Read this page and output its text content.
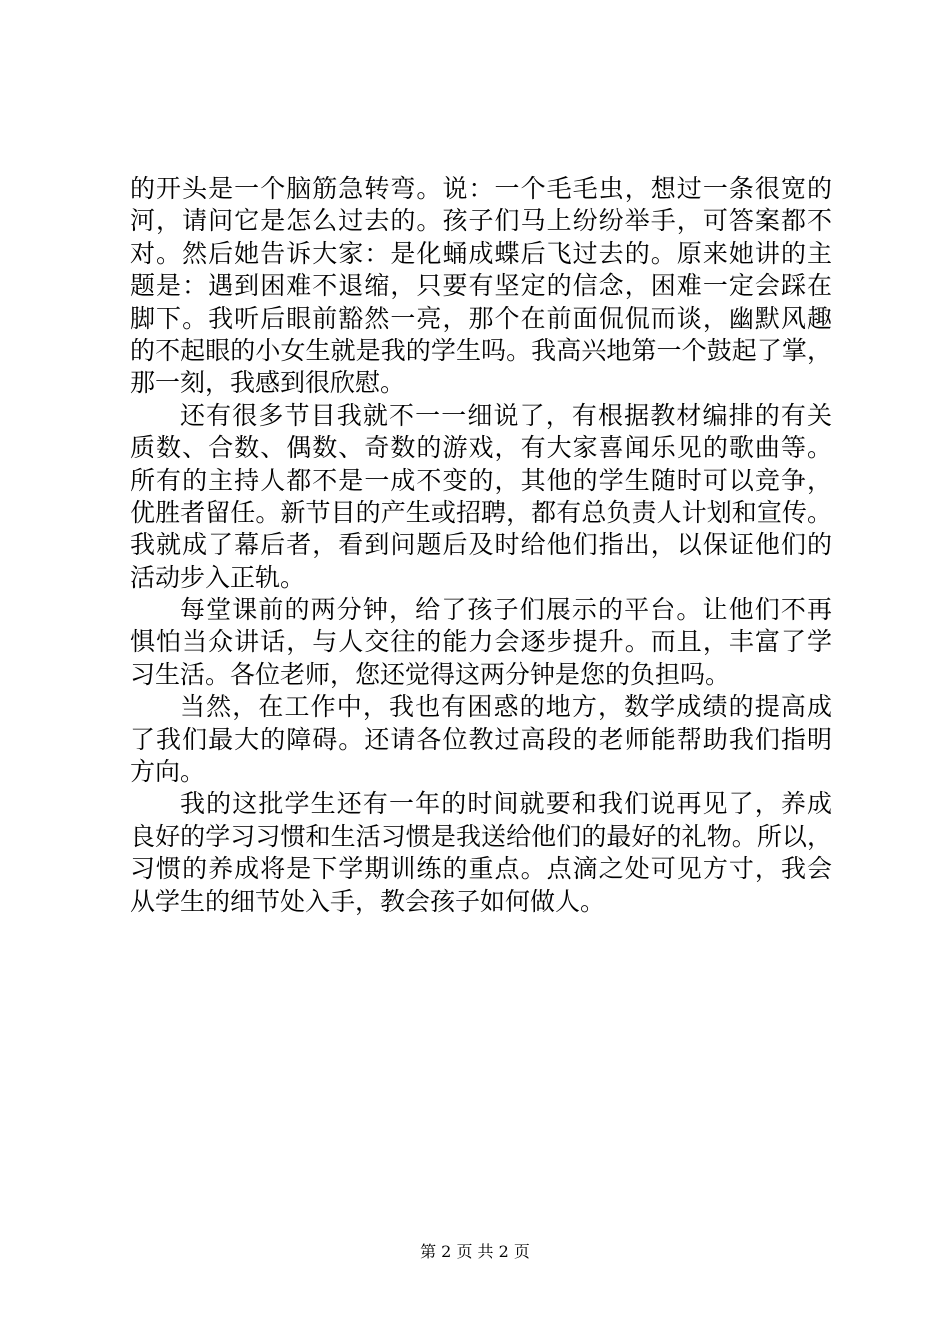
的开头是一个脑筋急转弯。说：一个毛毛虫，想过一条很宽的
河，请问它是怎么过去的。孩子们马上纷纷举手，可答案都不
对。然后她告诉大家：是化蛹成蝶后飞过去的。原来她讲的主
题是：遇到困难不退缩，只要有坚定的信念，困难一定会踩在
脚下。我听后眼前豁然一亮，那个在前面侃侃而谈，幽默风趣
的不起眼的小女生就是我的学生吗。我高兴地第一个鼓起了掌，
那一刻，我感到很欣慰。
还有很多节目我就不一一细说了，有根据教材编排的有关
质数、合数、偶数、奇数的游戏，有大家喜闻乐见的歌曲等。
所有的主持人都不是一成不变的，其他的学生随时可以竞争，
优胜者留任。新节目的产生或招聘，都有总负责人计划和宣传。
我就成了幕后者，看到问题后及时给他们指出，以保证他们的
活动步入正轨。
每堂课前的两分钟，给了孩子们展示的平台。让他们不再
惧怕当众讲话，与人交往的能力会逐步提升。而且，丰富了学
习生活。各位老师，您还觉得这两分钟是您的负担吗。
当然，在工作中，我也有困惑的地方，数学成绩的提高成
了我们最大的障碍。还请各位教过高段的老师能帮助我们指明
方向。
我的这批学生还有一年的时间就要和我们说再见了，养成
良好的学习习惯和生活习惯是我送给他们的最好的礼物。所以，
习惯的养成将是下学期训练的重点。点滴之处可见方寸，我会
从学生的细节处入手，教会孩子如何做人。
第 2 页 共 2 页
